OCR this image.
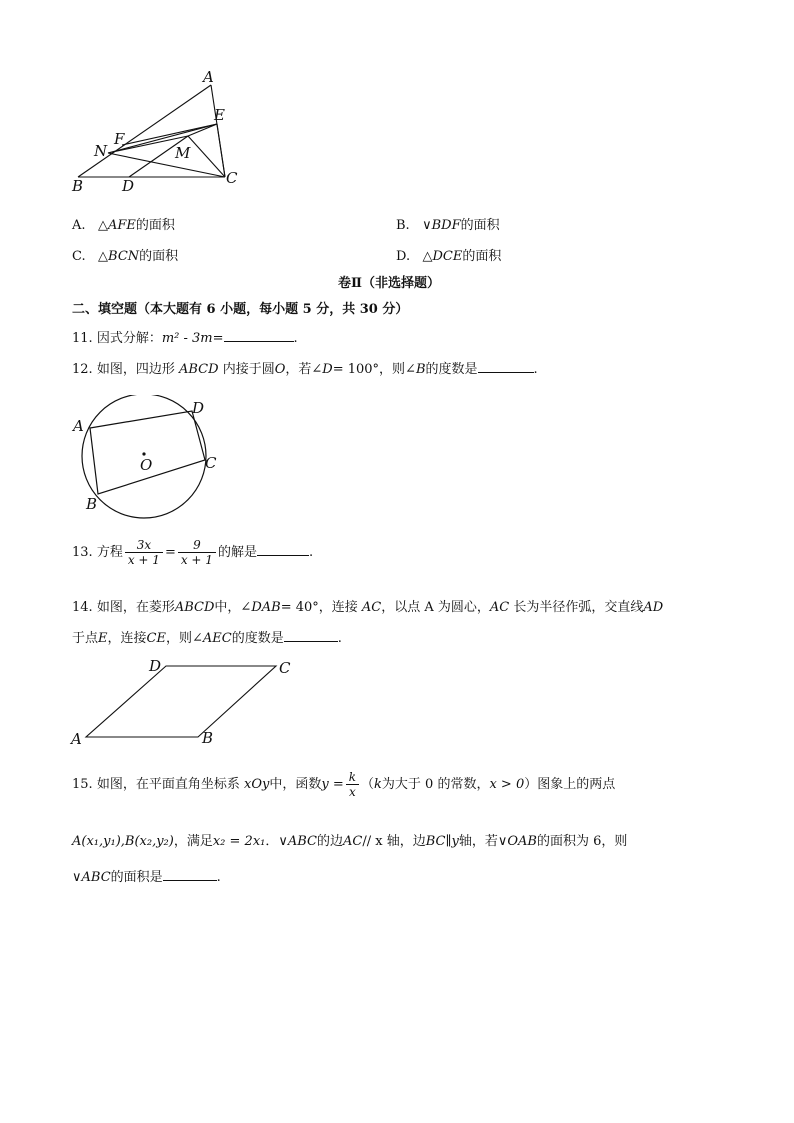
A
E
F
N	M
B	D	C
A. △AFE的面积	B. ∨BDF的面积
C. △BCN的面积	D. △DCE的面积
卷Ⅱ（非选择题）
二、填空题（本大题有 6 小题，每小题 5 分，共 30 分）
11. 因式分解：m² - 3m=	.
12. 如图，四边形 ABCD 内接于圆O，若∠D= 100°，则∠B的度数是	.
A
D
O	C
B
13. 方程 $\frac{3x}{x + 1} = \frac{9}{x + 1}$ 的解是	.
14. 如图，在菱形ABCD中，∠DAB= 40°，连接 AC，以点 A 为圆心，AC 长为半径作弧，交直线AD
于点E，连接CE，则∠AEC的度数是	.
D	C
A	B
15. 如图，在平面直角坐标系 xOy中，函数$y = \frac{k}{x} (k$为大于 0 的常数，x > 0）图象上的两点
A(x₁,y₁),B(x₂,y₂)，满足x₂ = 2x₁．∨ABC的边AC// x 轴，边BC∥y轴，若∨OAB的面积为 6，则
∨ABC的面积是	.
